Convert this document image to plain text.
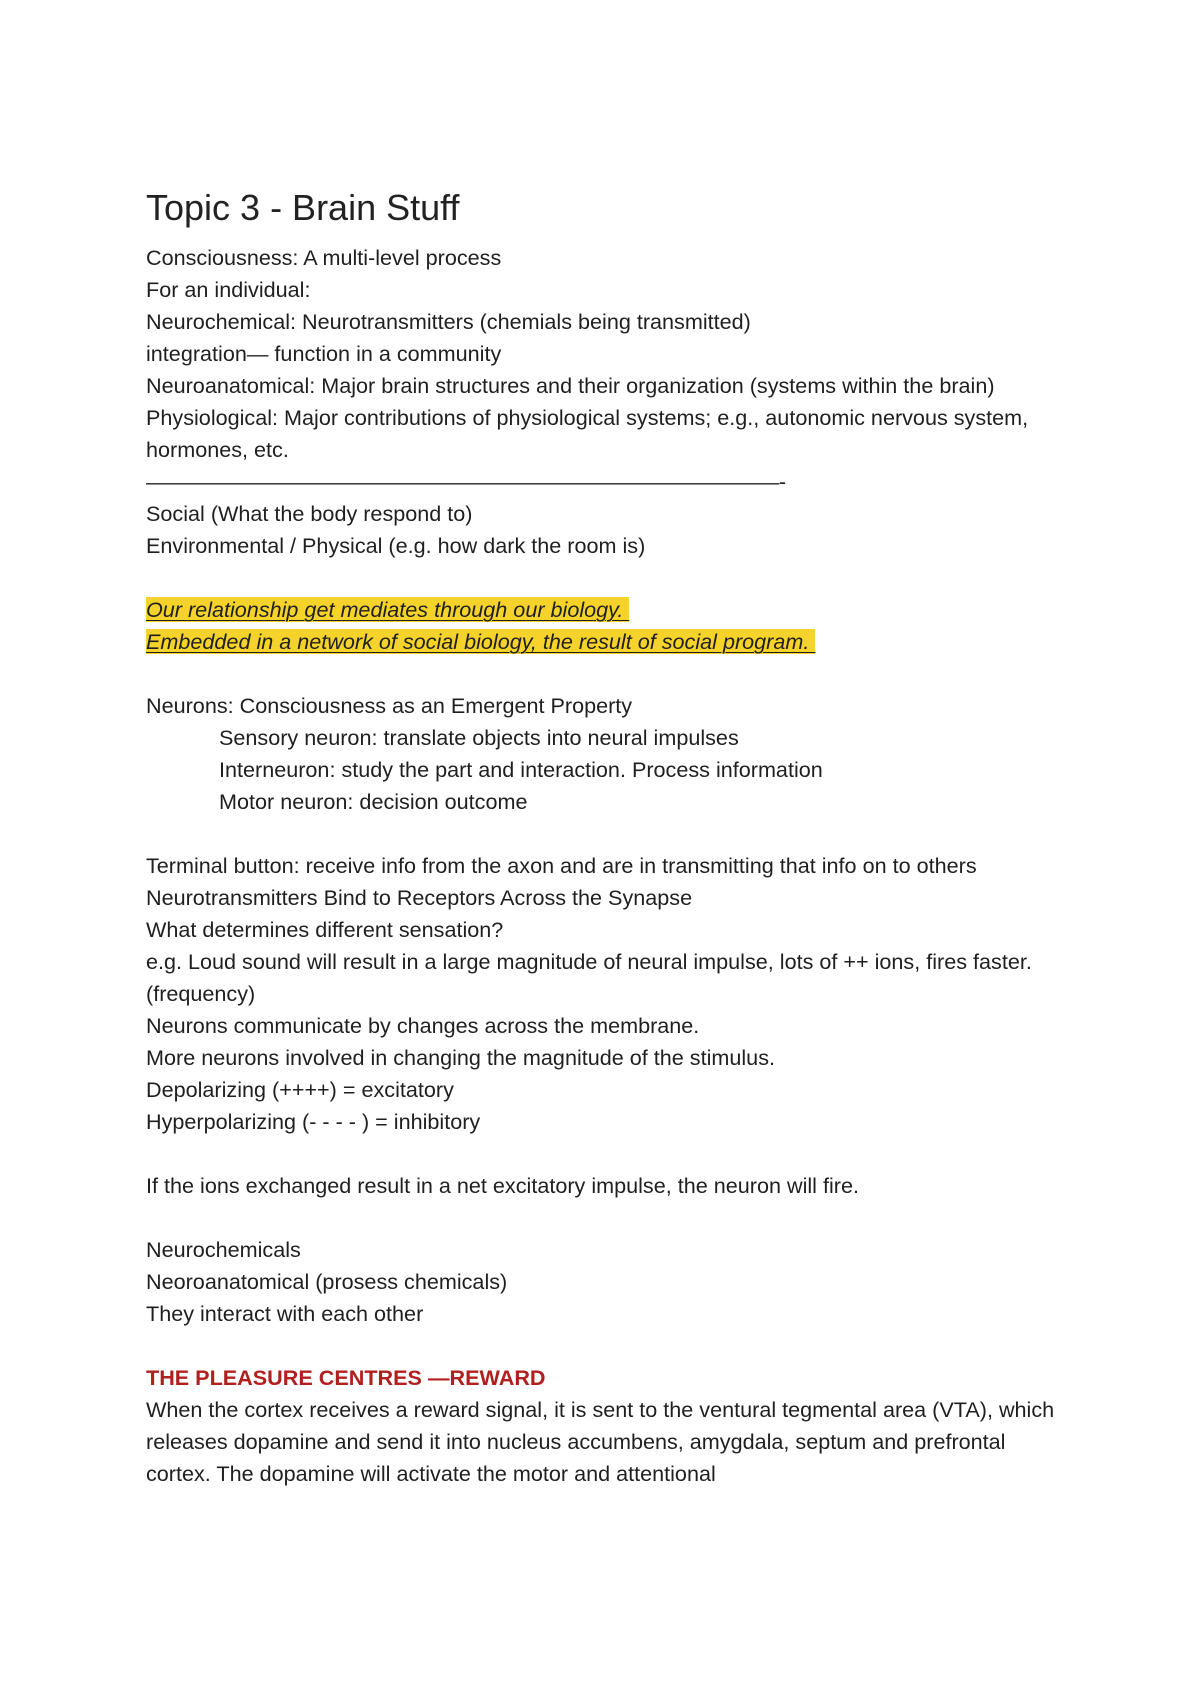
Topic 3 - Brain Stuff
Consciousness: A multi-level process
For an individual:
Neurochemical: Neurotransmitters (chemials being transmitted)
integration— function in a community
Neuroanatomical: Major brain structures and their organization (systems within the brain)
Physiological: Major contributions of physiological systems; e.g., autonomic nervous system, hormones, etc.
——————————————————————————————-
Social (What the body respond to)
Environmental / Physical (e.g. how dark the room is)
Our relationship get mediates through our biology.
Embedded in a network of social biology, the result of social program.
Neurons: Consciousness as an Emergent Property
Sensory neuron: translate objects into neural impulses
Interneuron: study the part and interaction. Process information
Motor neuron: decision outcome
Terminal button: receive info from the axon and are in transmitting that info on to others
Neurotransmitters Bind to Receptors Across the Synapse
What determines different sensation?
e.g. Loud sound will result in a large magnitude of neural impulse, lots of ++ ions, fires faster. (frequency)
Neurons communicate by changes across the membrane.
More neurons involved in changing the magnitude of the stimulus.
Depolarizing (++++) = excitatory
Hyperpolarizing (- - - - ) = inhibitory
If the ions exchanged result in a net excitatory impulse, the neuron will fire.
Neurochemicals
Neoroanatomical (prosess chemicals)
They interact with each other
THE PLEASURE CENTRES —REWARD
When the cortex receives a reward signal, it is sent to the ventural tegmental area (VTA), which releases dopamine and send it into nucleus accumbens, amygdala, septum and prefrontal cortex. The dopamine will activate the motor and attentional
